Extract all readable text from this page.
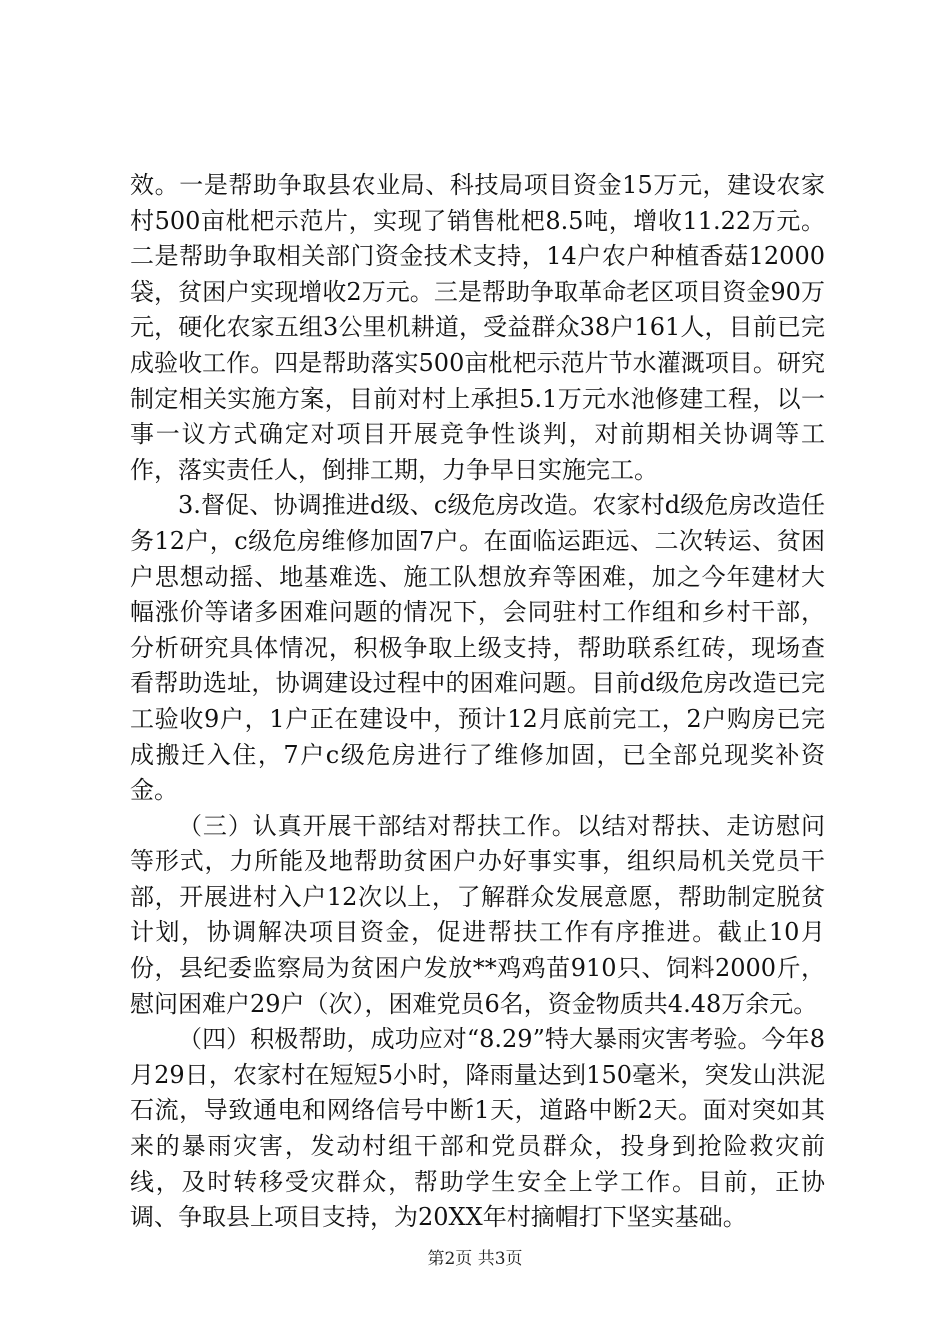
效。一是帮助争取县农业局、科技局项目资金15万元，建设农家村500亩枇杷示范片，实现了销售枇杷8.5吨，增收11.22万元。二是帮助争取相关部门资金技术支持，14户农户种植香菇12000袋，贫困户实现增收2万元。三是帮助争取革命老区项目资金90万元，硬化农家五组3公里机耕道，受益群众38户161人，目前已完成验收工作。四是帮助落实500亩枇杷示范片节水灌溉项目。研究制定相关实施方案，目前对村上承担5.1万元水池修建工程，以一事一议方式确定对项目开展竞争性谈判，对前期相关协调等工作，落实责任人，倒排工期，力争早日实施完工。

3.督促、协调推进d级、c级危房改造。农家村d级危房改造任务12户，c级危房维修加固7户。在面临运距远、二次转运、贫困户思想动摇、地基难选、施工队想放弃等困难，加之今年建材大幅涨价等诸多困难问题的情况下，会同驻村工作组和乡村干部，分析研究具体情况，积极争取上级支持，帮助联系红砖，现场查看帮助选址，协调建设过程中的困难问题。目前d级危房改造已完工验收9户，1户正在建设中，预计12月底前完工，2户购房已完成搬迁入住，7户c级危房进行了维修加固，已全部兑现奖补资金。

（三）认真开展干部结对帮扶工作。以结对帮扶、走访慰问等形式，力所能及地帮助贫困户办好事实事，组织局机关党员干部，开展进村入户12次以上，了解群众发展意愿，帮助制定脱贫计划，协调解决项目资金，促进帮扶工作有序推进。截止10月份，县纪委监察局为贫困户发放**鸡鸡苗910只、饲料2000斤，慰问困难户29户（次），困难党员6名，资金物质共4.48万余元。

（四）积极帮助，成功应对“8.29”特大暴雨灾害考验。今年8月29日，农家村在短短5小时，降雨量达到150毫米，突发山洪泥石流，导致通电和网络信号中断1天，道路中断2天。面对突如其来的暴雨灾害，发动村组干部和党员群众，投身到抢险救灾前线，及时转移受灾群众，帮助学生安全上学工作。目前，正协调、争取县上项目支持，为20XX年村摘帽打下坚实基础。

第2页 共3页
